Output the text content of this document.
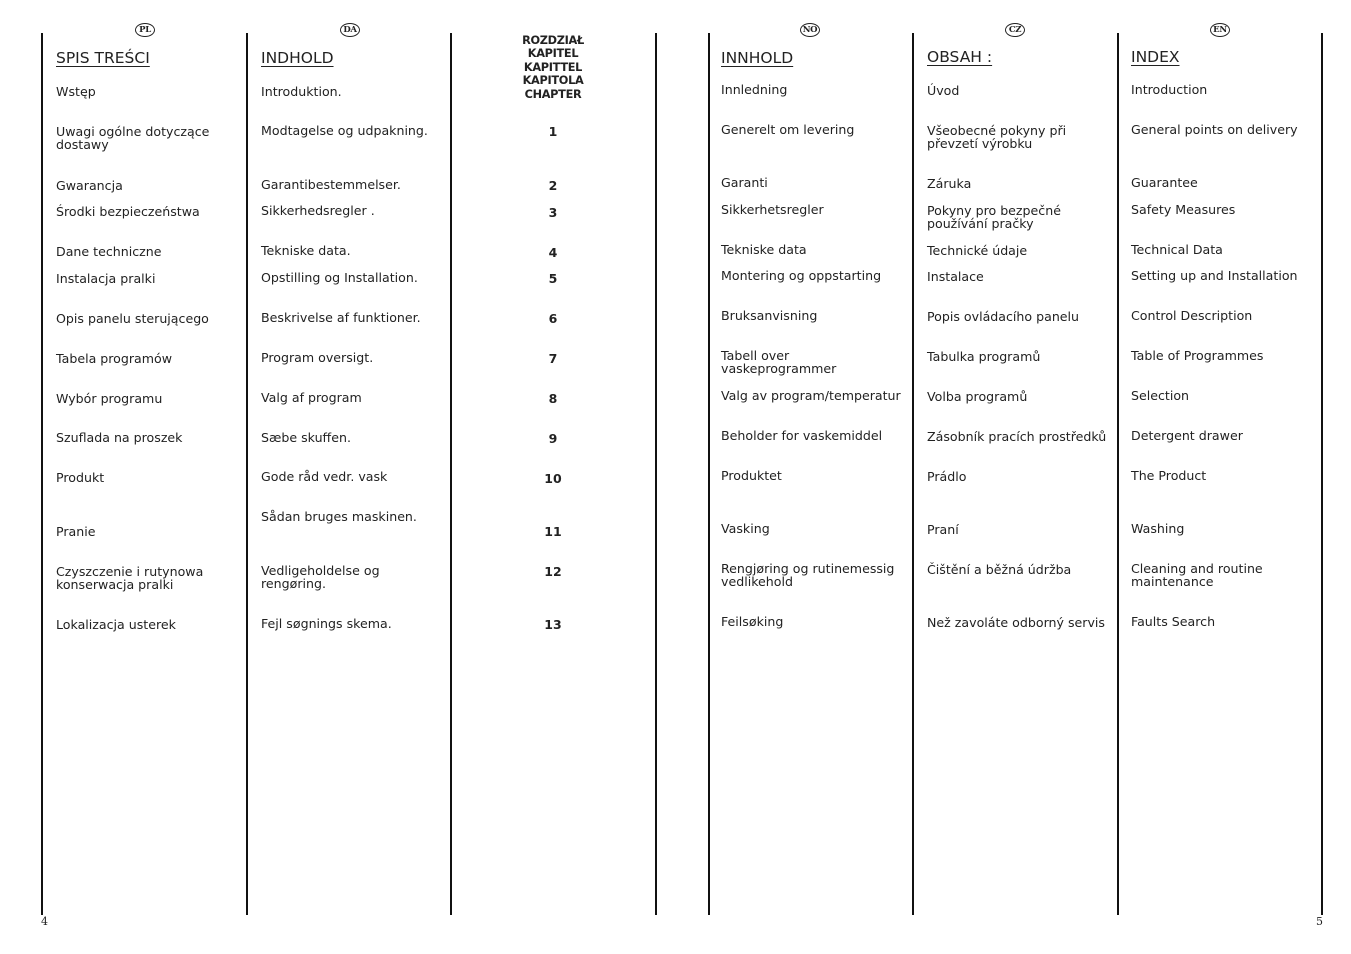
ROZDZIAŁ
KAPITEL
KAPITTEL
KAPITOLA
CHAPTER
PL
SPIS TREŚCI
Wstęp
Uwagi ogólne dotyczące
dostawy
Gwarancja
Środki bezpieczeństwa
Dane techniczne
Instalacja pralki
Opis panelu sterującego
Tabela programów
Wybór programu
Szuflada na proszek
Produkt
Pranie
Czyszczenie i rutynowa
konserwacja pralki
Lokalizacja usterek
DA
INDHOLD
Introduktion.
Modtagelse og udpakning.
Garantibestemmelser.
Sikkerhedsregler .
Tekniske data.
Opstilling og Installation.
Beskrivelse af funktioner.
Program oversigt.
Valg af program
Sæbe skuffen.
Gode råd vedr. vask
Sådan bruges maskinen.
Vedligeholdelse og
rengøring.
Fejl søgnings skema.
1
2
3
4
5
6
7
8
9
10
11
12
13
NO
INNHOLD
Innledning
Generelt om levering
Garanti
Sikkerhetsregler
Tekniske data
Montering og oppstarting
Bruksanvisning
Tabell over
vaskeprogrammer
Valg av program/temperatur
Beholder for vaskemiddel
Produktet
Vasking
Rengjøring og rutinemessig
vedlikehold
Feilsøking
CZ
OBSAH :
Úvod
Všeobecné pokyny při
převzetí výrobku
Záruka
Pokyny pro bezpečné
používání pračky
Technické údaje
Instalace
Popis ovládacího panelu
Tabulka programů
Volba programů
Zásobník pracích prostředků
Prádlo
Praní
Čištění a běžná údržba
Než zavoláte odborný servis
EN
INDEX
Introduction
General points on delivery
Guarantee
Safety Measures
Technical Data
Setting up and Installation
Control Description
Table of Programmes
Selection
Detergent drawer
The Product
Washing
Cleaning and routine
maintenance
Faults Search
4	5
